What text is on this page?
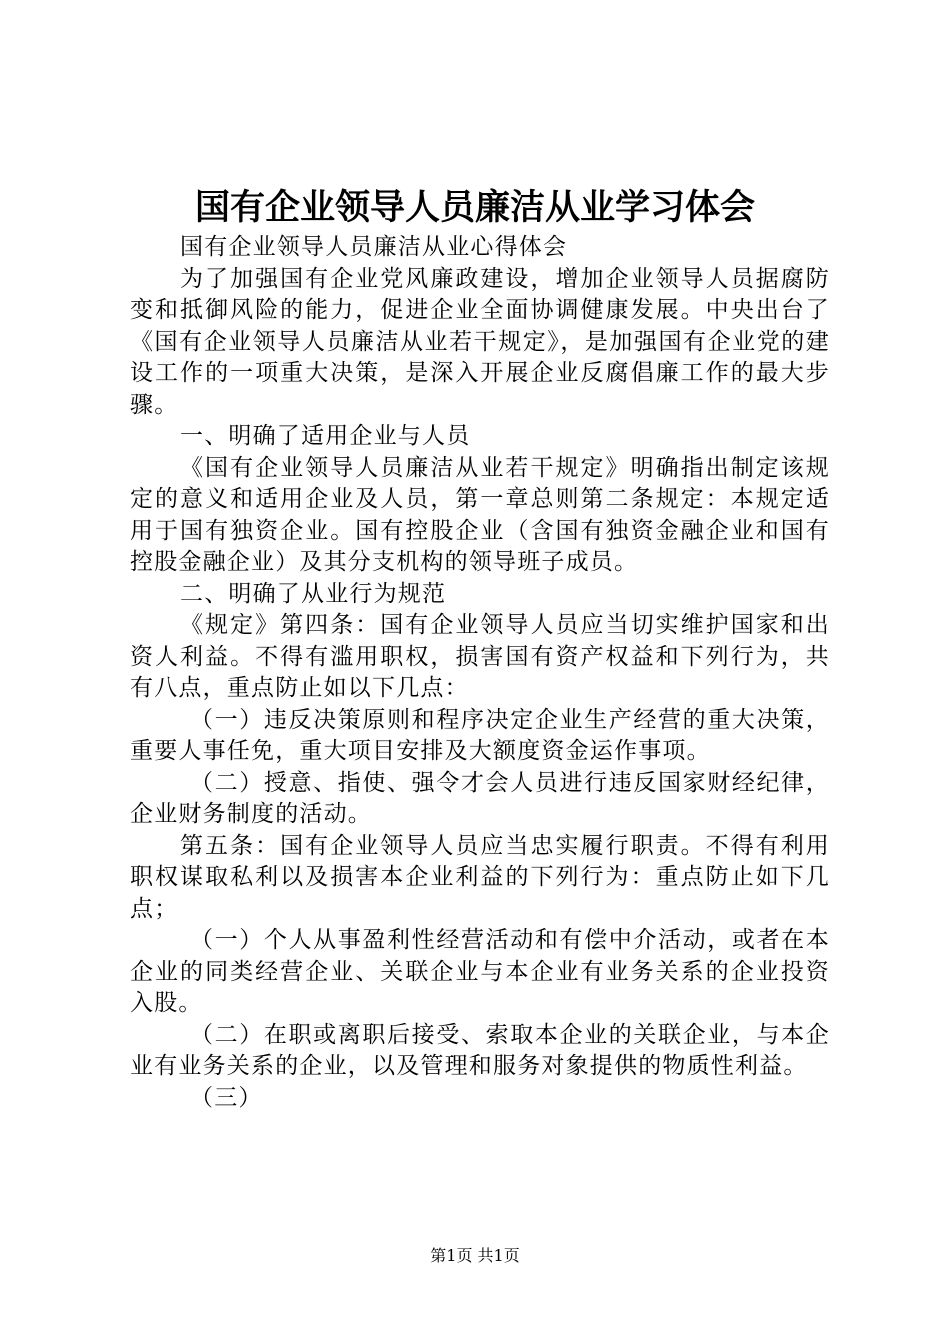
国有企业领导人员廉洁从业学习体会

国有企业领导人员廉洁从业心得体会

为了加强国有企业党风廉政建设，增加企业领导人员据腐防变和抵御风险的能力，促进企业全面协调健康发展。中央出台了《国有企业领导人员廉洁从业若干规定》，是加强国有企业党的建设工作的一项重大决策，是深入开展企业反腐倡廉工作的最大步骤。

一、明确了适用企业与人员

《国有企业领导人员廉洁从业若干规定》明确指出制定该规定的意义和适用企业及人员，第一章总则第二条规定：本规定适用于国有独资企业。国有控股企业（含国有独资金融企业和国有控股金融企业）及其分支机构的领导班子成员。

二、明确了从业行为规范

《规定》第四条：国有企业领导人员应当切实维护国家和出资人利益。不得有滥用职权，损害国有资产权益和下列行为，共有八点，重点防止如以下几点：

（一）违反决策原则和程序决定企业生产经营的重大决策，重要人事任免，重大项目安排及大额度资金运作事项。

（二）授意、指使、强令才会人员进行违反国家财经纪律，企业财务制度的活动。

第五条：国有企业领导人员应当忠实履行职责。不得有利用职权谋取私利以及损害本企业利益的下列行为：重点防止如下几点；

（一）个人从事盈利性经营活动和有偿中介活动，或者在本企业的同类经营企业、关联企业与本企业有业务关系的企业投资入股。

（二）在职或离职后接受、索取本企业的关联企业，与本企业有业务关系的企业，以及管理和服务对象提供的物质性利益。

（三）

第1页 共1页
